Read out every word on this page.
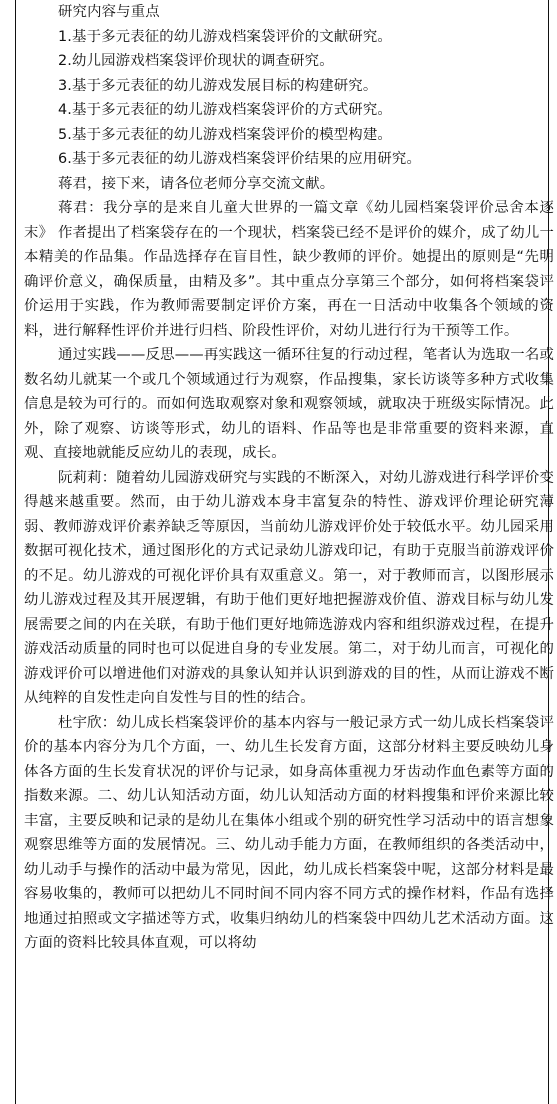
研究内容与重点

1.基于多元表征的幼儿游戏档案袋评价的文献研究。

2.幼儿园游戏档案袋评价现状的调查研究。

3.基于多元表征的幼儿游戏发展目标的构建研究。

4.基于多元表征的幼儿游戏档案袋评价的方式研究。

5.基于多元表征的幼儿游戏档案袋评价的模型构建。

6.基于多元表征的幼儿游戏档案袋评价结果的应用研究。

蒋君，接下来，请各位老师分享交流文献。

蒋君：我分享的是来自儿童大世界的一篇文章《幼儿园档案袋评价忌舍本逐末》 作者提出了档案袋存在的一个现状，档案袋已经不是评价的媒介，成了幼儿一本精美的作品集。作品选择存在盲目性，缺少教师的评价。她提出的原则是“先明确评价意义，确保质量，由精及多”。其中重点分享第三个部分，如何将档案袋评价运用于实践，作为教师需要制定评价方案，再在一日活动中收集各个领域的资料，进行解释性评价并进行归档、阶段性评价，对幼儿进行行为干预等工作。

通过实践——反思——再实践这一循环往复的行动过程，笔者认为选取一名或数名幼儿就某一个或几个领域通过行为观察，作品搜集，家长访谈等多种方式收集信息是较为可行的。而如何选取观察对象和观察领域，就取决于班级实际情况。此外，除了观察、访谈等形式，幼儿的语料、作品等也是非常重要的资料来源，直观、直接地就能反应幼儿的表现，成长。

阮莉莉：随着幼儿园游戏研究与实践的不断深入，对幼儿游戏进行科学评价变得越来越重要。然而，由于幼儿游戏本身丰富复杂的特性、游戏评价理论研究薄弱、教师游戏评价素养缺乏等原因，当前幼儿游戏评价处于较低水平。幼儿园采用数据可视化技术，通过图形化的方式记录幼儿游戏印记，有助于克服当前游戏评价的不足。幼儿游戏的可视化评价具有双重意义。第一，对于教师而言，以图形展示幼儿游戏过程及其开展逻辑，有助于他们更好地把握游戏价值、游戏目标与幼儿发展需要之间的内在关联，有助于他们更好地筛选游戏内容和组织游戏过程，在提升游戏活动质量的同时也可以促进自身的专业发展。第二，对于幼儿而言，可视化的游戏评价可以增进他们对游戏的具象认知并认识到游戏的目的性，从而让游戏不断从纯粹的自发性走向自发性与目的性的结合。

杜宇欣：幼儿成长档案袋评价的基本内容与一般记录方式一幼儿成长档案袋评价的基本内容分为几个方面，一、幼儿生长发育方面，这部分材料主要反映幼儿身体各方面的生长发育状况的评价与记录，如身高体重视力牙齿动作血色素等方面的指数来源。二、幼儿认知活动方面，幼儿认知活动方面的材料搜集和评价来源比较丰富，主要反映和记录的是幼儿在集体小组或个别的研究性学习活动中的语言想象观察思维等方面的发展情况。三、幼儿动手能力方面，在教师组织的各类活动中，幼儿动手与操作的活动中最为常见，因此，幼儿成长档案袋中呢，这部分材料是最容易收集的，教师可以把幼儿不同时间不同内容不同方式的操作材料，作品有选择地通过拍照或文字描述等方式，收集归纳幼儿的档案袋中四幼儿艺术活动方面。这方面的资料比较具体直观，可以将幼
